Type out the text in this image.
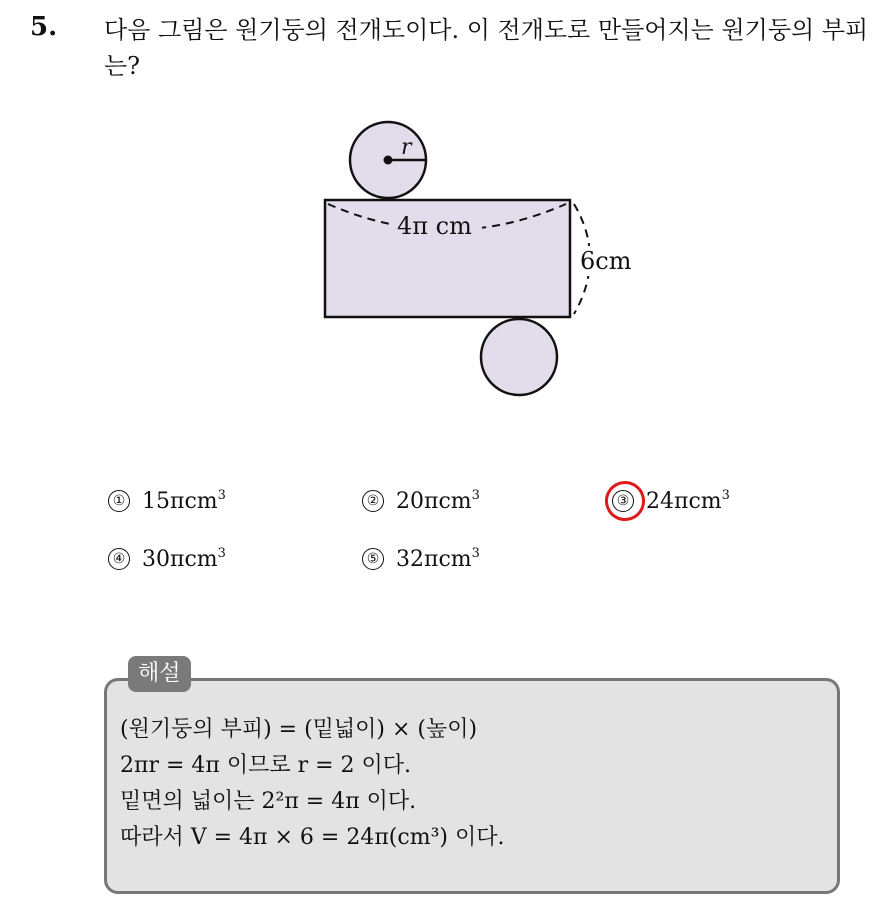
5. 다음 그림은 원기둥의 전개도이다. 이 전개도로 만들어지는 원기둥의 부피는?
r
4π cm
6cm
① 15πcm$^3$	② 20πcm$^3$	③ 24πcm$^3$
④ 30πcm$^3$	⑤ 32πcm$^3$
해설
(원기둥의 부피) = (밑넓이) × (높이)
2πr = 4π 이므로 r = 2 이다.
밑면의 넓이는 2²π = 4π 이다.
따라서 V = 4π × 6 = 24π(cm³) 이다.
